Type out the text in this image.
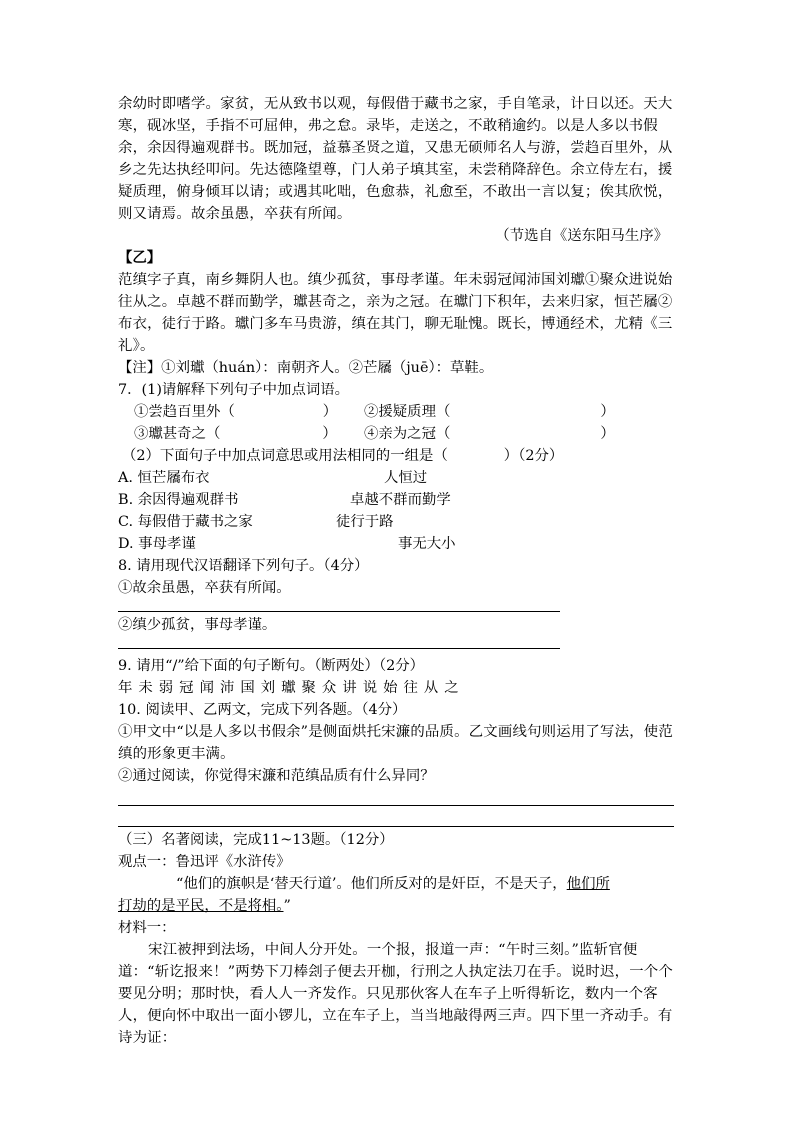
余幼时即嗜学。家贫，无从致书以观，每假借于藏书之家，手自笔录，计日以还。天大寒，砚冰坚，手指不可屈伸，弗之怠。录毕，走送之，不敢稍逾约。以是人多以书假余，余因得遍观群书。既加冠，益慕圣贤之道，又患无硕师名人与游，尝趋百里外，从乡之先达执经叩问。先达德隆望尊，门人弟子填其室，未尝稍降辞色。余立侍左右，援疑质理，俯身倾耳以请；或遇其叱咄，色愈恭，礼愈至，不敢出一言以复；俟其欣悦，则又请焉。故余虽愚，卒获有所闻。

（节选自《送东阳马生序》

【乙】

范缜字子真，南乡舞阴人也。缜少孤贫，事母孝谨。年未弱冠闻沛国刘瓛①聚众进说始往从之。卓越不群而勤学，瓛甚奇之，亲为之冠。在瓛门下积年，去来归家，恒芒屩②布衣，徒行于路。瓛门多车马贵游，缜在其门，聊无耻愧。既长，博通经术，尤精《三礼》。

【注】①刘瓛（huán）：南朝齐人。②芒屩（juē）：草鞋。

7．(1)请解释下列句子中加点词语。

①尝趋百里外（	） ②援疑质理（	）

③瓛甚奇之（	） ④亲为之冠（	）

（2）下面句子中加点词意思或用法相同的一组是（	）（2分）

A. 恒芒屩布衣	人恒过

B. 余因得遍观群书	卓越不群而勤学

C. 每假借于藏书之家	徒行于路

D. 事母孝谨	事无大小

8. 请用现代汉语翻译下列句子。（4分）

①故余虽愚，卒获有所闻。

②缜少孤贫，事母孝谨。

9. 请用“/”给下面的句子断句。（断两处）（2分）

年未弱冠闻沛国刘瓛聚众讲说始往从之

10. 阅读甲、乙两文，完成下列各题。（4分）

①甲文中“以是人多以书假余”是侧面烘托宋濂的品质。乙文画线句则运用了写法，使范缜的形象更丰满。

②通过阅读，你觉得宋濂和范缜品质有什么异同？

（三）名著阅读，完成11~13题。（12分）

观点一：鲁迅评《水浒传》

“他们的旗帜是‘替天行道’。他们所反对的是奸臣，不是天子，他们所

打劫的是平民，不是将相。”

材料一：

宋江被押到法场，中间人分开处。一个报，报道一声：“午时三刻。”监斩官便道：“斩讫报来！”两势下刀棒刽子便去开枷，行刑之人执定法刀在手。说时迟，一个个要见分明；那时快，看人人一齐发作。只见那伙客人在车子上听得斩讫，数内一个客人，便向怀中取出一面小锣儿，立在车子上，当当地敲得两三声。四下里一齐动手。有诗为证：
